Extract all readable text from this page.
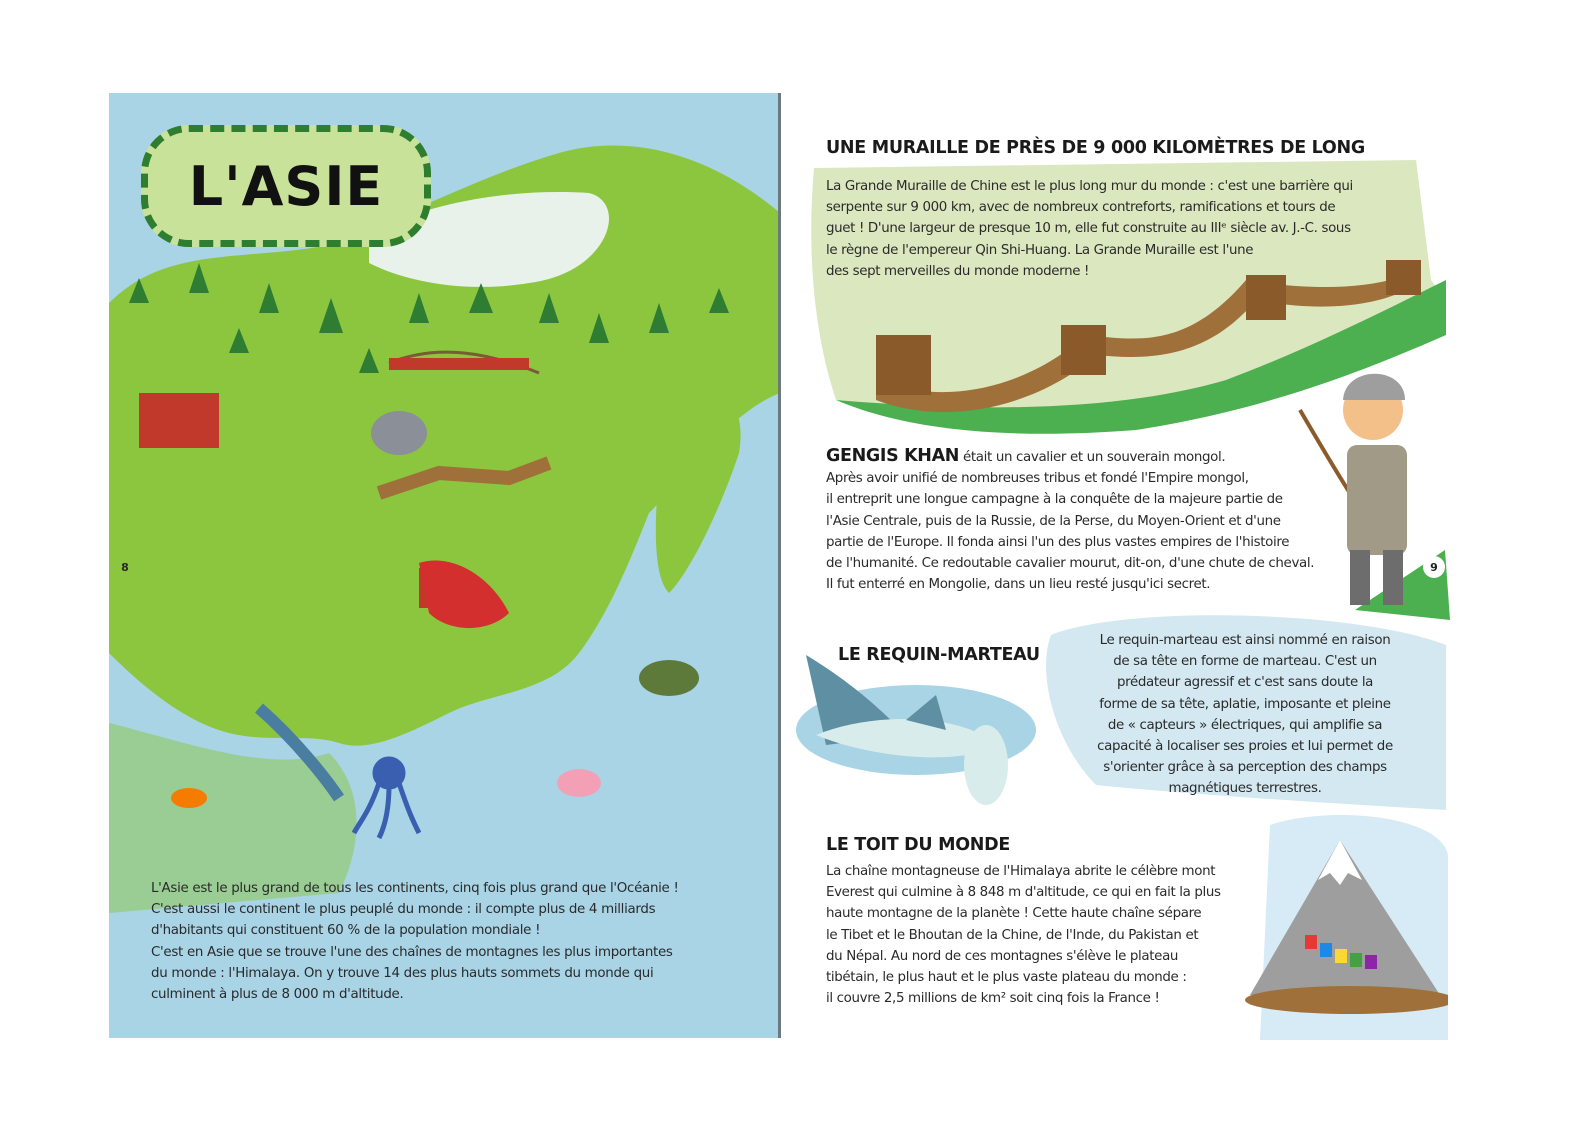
L'ASIE
L'Asie est le plus grand de tous les continents, cinq fois plus grand que l'Océanie !
C'est aussi le continent le plus peuplé du monde : il compte plus de 4 milliards
d'habitants qui constituent 60 % de la population mondiale !
C'est en Asie que se trouve l'une des chaînes de montagnes les plus importantes
du monde : l'Himalaya. On y trouve 14 des plus hauts sommets du monde qui
culminent à plus de 8 000 m d'altitude.
8
UNE MURAILLE DE PRÈS DE 9 000 KILOMÈTRES DE LONG
La Grande Muraille de Chine est le plus long mur du monde : c'est une barrière qui
serpente sur 9 000 km, avec de nombreux contreforts, ramifications et tours de
guet ! D'une largeur de presque 10 m, elle fut construite au IIIᵉ siècle av. J.-C. sous
le règne de l'empereur Qin Shi-Huang. La Grande Muraille est l'une
des sept merveilles du monde moderne !
GENGIS KHAN était un cavalier et un souverain mongol.
Après avoir unifié de nombreuses tribus et fondé l'Empire mongol,
il entreprit une longue campagne à la conquête de la majeure partie de
l'Asie Centrale, puis de la Russie, de la Perse, du Moyen-Orient et d'une
partie de l'Europe. Il fonda ainsi l'un des plus vastes empires de l'histoire
de l'humanité. Ce redoutable cavalier mourut, dit-on, d'une chute de cheval.
Il fut enterré en Mongolie, dans un lieu resté jusqu'ici secret.
LE REQUIN-MARTEAU
Le requin-marteau est ainsi nommé en raison
de sa tête en forme de marteau. C'est un
prédateur agressif et c'est sans doute la
forme de sa tête, aplatie, imposante et pleine
de « capteurs » électriques, qui amplifie sa
capacité à localiser ses proies et lui permet de
s'orienter grâce à sa perception des champs
magnétiques terrestres.
LE TOIT DU MONDE
La chaîne montagneuse de l'Himalaya abrite le célèbre mont
Everest qui culmine à 8 848 m d'altitude, ce qui en fait la plus
haute montagne de la planète ! Cette haute chaîne sépare
le Tibet et le Bhoutan de la Chine, de l'Inde, du Pakistan et
du Népal. Au nord de ces montagnes s'élève le plateau
tibétain, le plus haut et le plus vaste plateau du monde :
il couvre 2,5 millions de km² soit cinq fois la France !
9
